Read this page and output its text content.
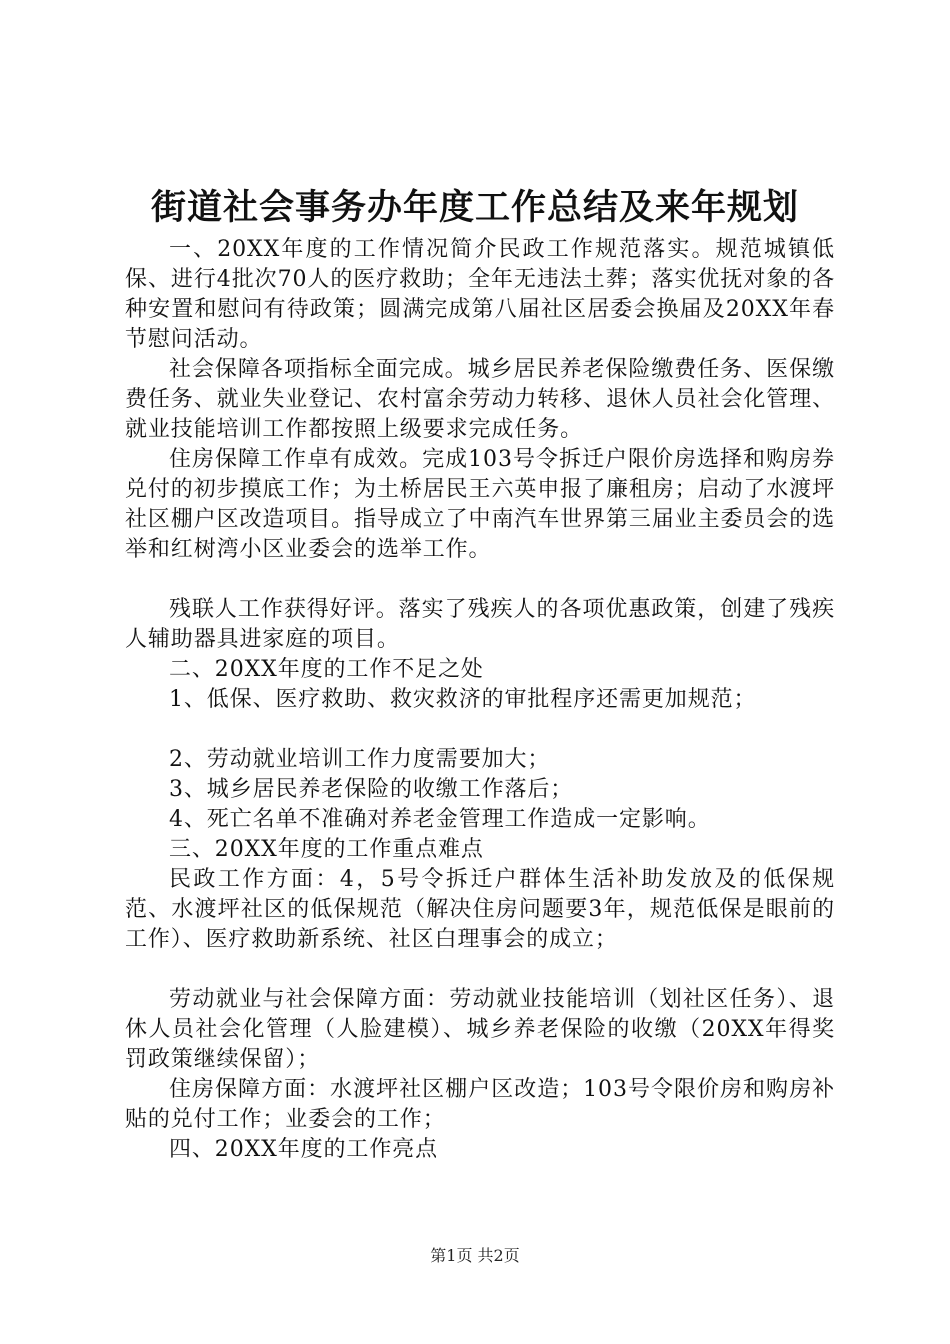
街道社会事务办年度工作总结及来年规划

一、20XX年度的工作情况简介民政工作规范落实。规范城镇低保、进行4批次70人的医疗救助；全年无违法土葬；落实优抚对象的各种安置和慰问有待政策；圆满完成第八届社区居委会换届及20XX年春节慰问活动。

社会保障各项指标全面完成。城乡居民养老保险缴费任务、医保缴费任务、就业失业登记、农村富余劳动力转移、退休人员社会化管理、就业技能培训工作都按照上级要求完成任务。

住房保障工作卓有成效。完成103号令拆迁户限价房选择和购房券兑付的初步摸底工作；为土桥居民王六英申报了廉租房；启动了水渡坪社区棚户区改造项目。指导成立了中南汽车世界第三届业主委员会的选举和红树湾小区业委会的选举工作。

残联人工作获得好评。落实了残疾人的各项优惠政策，创建了残疾人辅助器具进家庭的项目。

二、20XX年度的工作不足之处

1、低保、医疗救助、救灾救济的审批程序还需更加规范；

2、劳动就业培训工作力度需要加大；

3、城乡居民养老保险的收缴工作落后；

4、死亡名单不准确对养老金管理工作造成一定影响。

三、20XX年度的工作重点难点

民政工作方面：4，5号令拆迁户群体生活补助发放及的低保规范、水渡坪社区的低保规范（解决住房问题要3年，规范低保是眼前的工作）、医疗救助新系统、社区白理事会的成立；

劳动就业与社会保障方面：劳动就业技能培训（划社区任务）、退休人员社会化管理（人脸建模）、城乡养老保险的收缴（20XX年得奖罚政策继续保留）；

住房保障方面：水渡坪社区棚户区改造；103号令限价房和购房补贴的兑付工作；业委会的工作；

四、20XX年度的工作亮点

第1页 共2页
